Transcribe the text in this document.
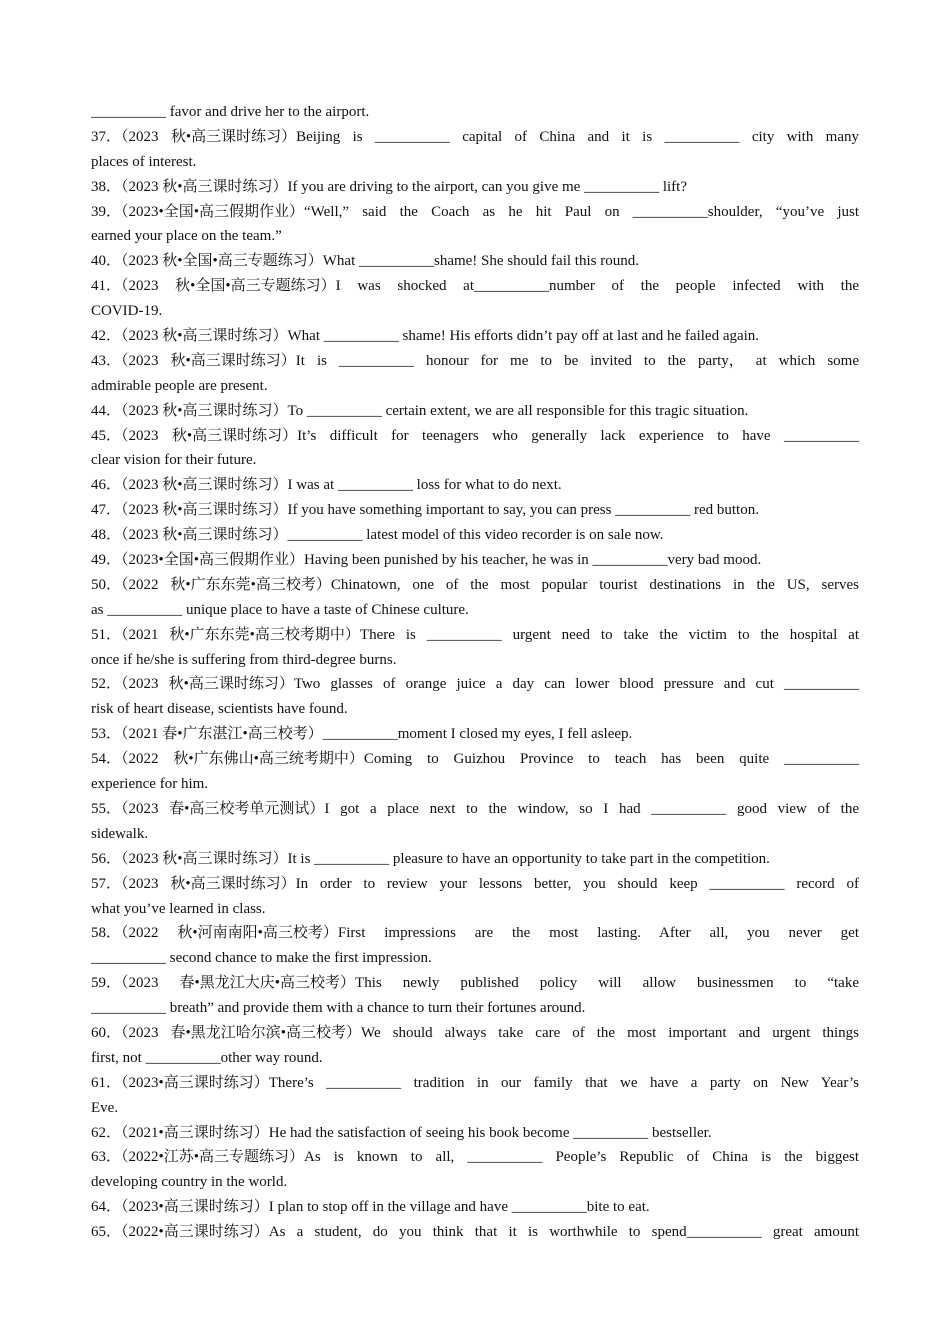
__________ favor and drive her to the airport.
37．（2023 秋•高三课时练习）Beijing is __________ capital of China and it is __________ city with many
places of interest.
38．（2023 秋•高三课时练习）If you are driving to the airport, can you give me __________ lift?
39．（2023•全国•高三假期作业）“Well,” said the Coach as he hit Paul on __________shoulder, “you’ve just
earned your place on the team.”
40．（2023 秋•全国•高三专题练习）What __________shame! She should fail this round.
41．（2023 秋•全国•高三专题练习）I was shocked at__________number of the people infected with the
COVID-19.
42．（2023 秋•高三课时练习）What __________ shame! His efforts didn’t pay off at last and he failed again.
43．（2023 秋•高三课时练习）It is __________ honour for me to be invited to the party， at which some
admirable people are present.
44．（2023 秋•高三课时练习）To __________ certain extent, we are all responsible for this tragic situation.
45．（2023 秋•高三课时练习）It’s difficult for teenagers who generally lack experience to have __________
clear vision for their future.
46．（2023 秋•高三课时练习）I was at __________ loss for what to do next.
47．（2023 秋•高三课时练习）If you have something important to say, you can press __________ red button.
48．（2023 秋•高三课时练习）__________ latest model of this video recorder is on sale now.
49．（2023•全国•高三假期作业）Having been punished by his teacher, he was in __________very bad mood.
50．（2022 秋•广东东莞•高三校考）Chinatown, one of the most popular tourist destinations in the US, serves
as __________ unique place to have a taste of Chinese culture.
51．（2021 秋•广东东莞•高三校考期中）There is __________ urgent need to take the victim to the hospital at
once if he/she is suffering from third-degree burns.
52．（2023 秋•高三课时练习）Two glasses of orange juice a day can lower blood pressure and cut __________
risk of heart disease, scientists have found.
53．（2021 春•广东湛江•高三校考）__________moment I closed my eyes, I fell asleep.
54．（2022 秋•广东佛山•高三统考期中）Coming to Guizhou Province to teach has been quite __________
experience for him.
55．（2023 春•高三校考单元测试）I got a place next to the window, so I had __________ good view of the
sidewalk.
56．（2023 秋•高三课时练习）It is __________ pleasure to have an opportunity to take part in the competition.
57．（2023 秋•高三课时练习）In order to review your lessons better, you should keep __________ record of
what you’ve learned in class.
58．（2022 秋•河南南阳•高三校考）First impressions are the most lasting. After all, you never get
__________ second chance to make the first impression.
59．（2023 春•黑龙江大庆•高三校考）This newly published policy will allow businessmen to “take
__________ breath” and provide them with a chance to turn their fortunes around.
60．（2023 春•黑龙江哈尔滨•高三校考）We should always take care of the most important and urgent things
first, not __________other way round.
61．（2023•高三课时练习）There’s __________ tradition in our family that we have a party on New Year’s
Eve.
62．（2021•高三课时练习）He had the satisfaction of seeing his book become __________ bestseller.
63．（2022•江苏•高三专题练习）As is known to all, __________ People’s Republic of China is the biggest
developing country in the world.
64．（2023•高三课时练习）I plan to stop off in the village and have __________bite to eat.
65．（2022•高三课时练习）As a student, do you think that it is worthwhile to spend__________ great amount
